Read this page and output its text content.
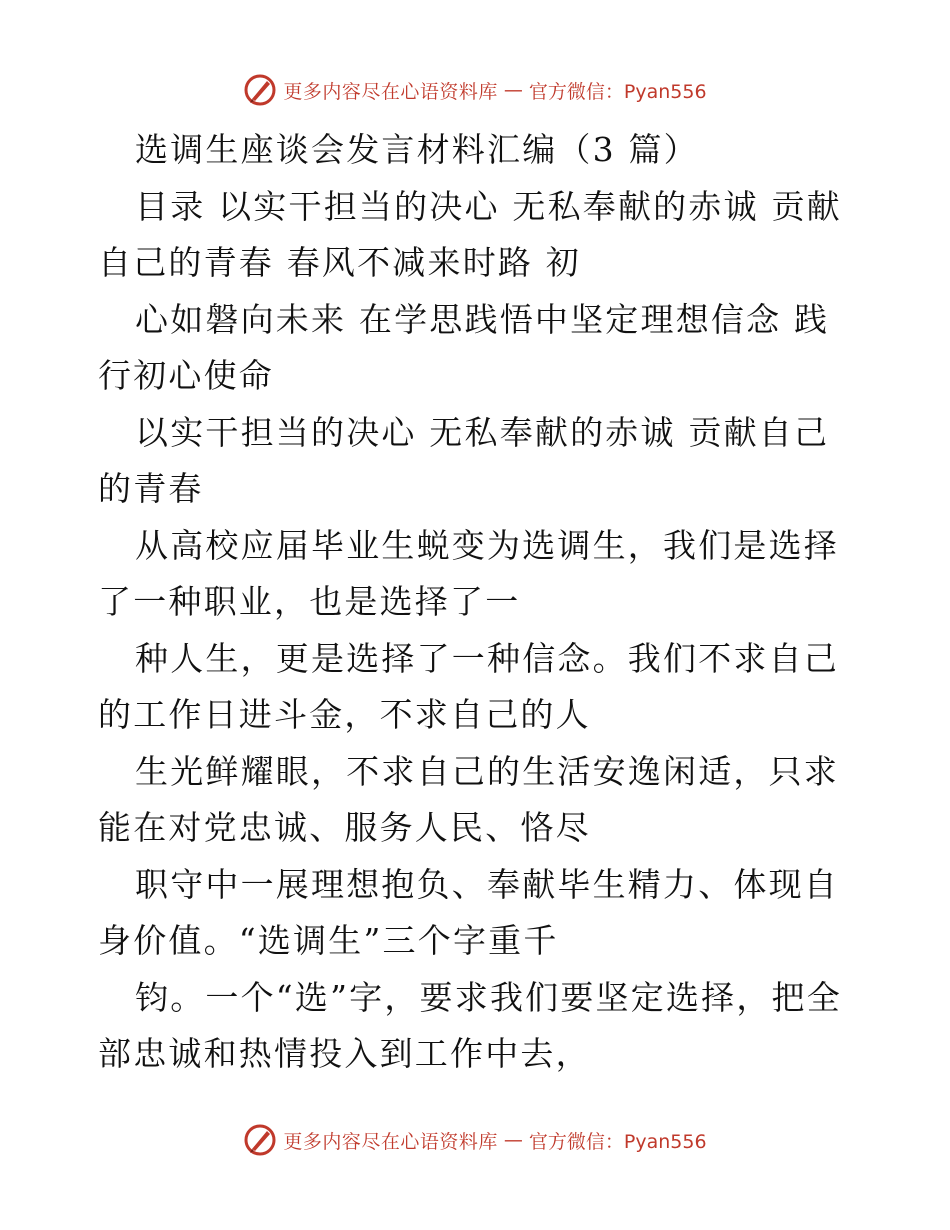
更多内容尽在心语资料库 — 官方微信：Pyan556

选调生座谈会发言材料汇编（3 篇）

目录 以实干担当的决心 无私奉献的赤诚 贡献自己的青春 春风不减来时路 初

心如磐向未来 在学思践悟中坚定理想信念 践行初心使命

以实干担当的决心 无私奉献的赤诚 贡献自己的青春

从高校应届毕业生蜕变为选调生，我们是选择了一种职业，也是选择了一

种人生，更是选择了一种信念。我们不求自己的工作日进斗金，不求自己的人

生光鲜耀眼，不求自己的生活安逸闲适，只求能在对党忠诚、服务人民、恪尽

职守中一展理想抱负、奉献毕生精力、体现自身价值。“选调生”三个字重千

钧。一个“选”字，要求我们要坚定选择，把全部忠诚和热情投入到工作中去，

更多内容尽在心语资料库 — 官方微信：Pyan556
